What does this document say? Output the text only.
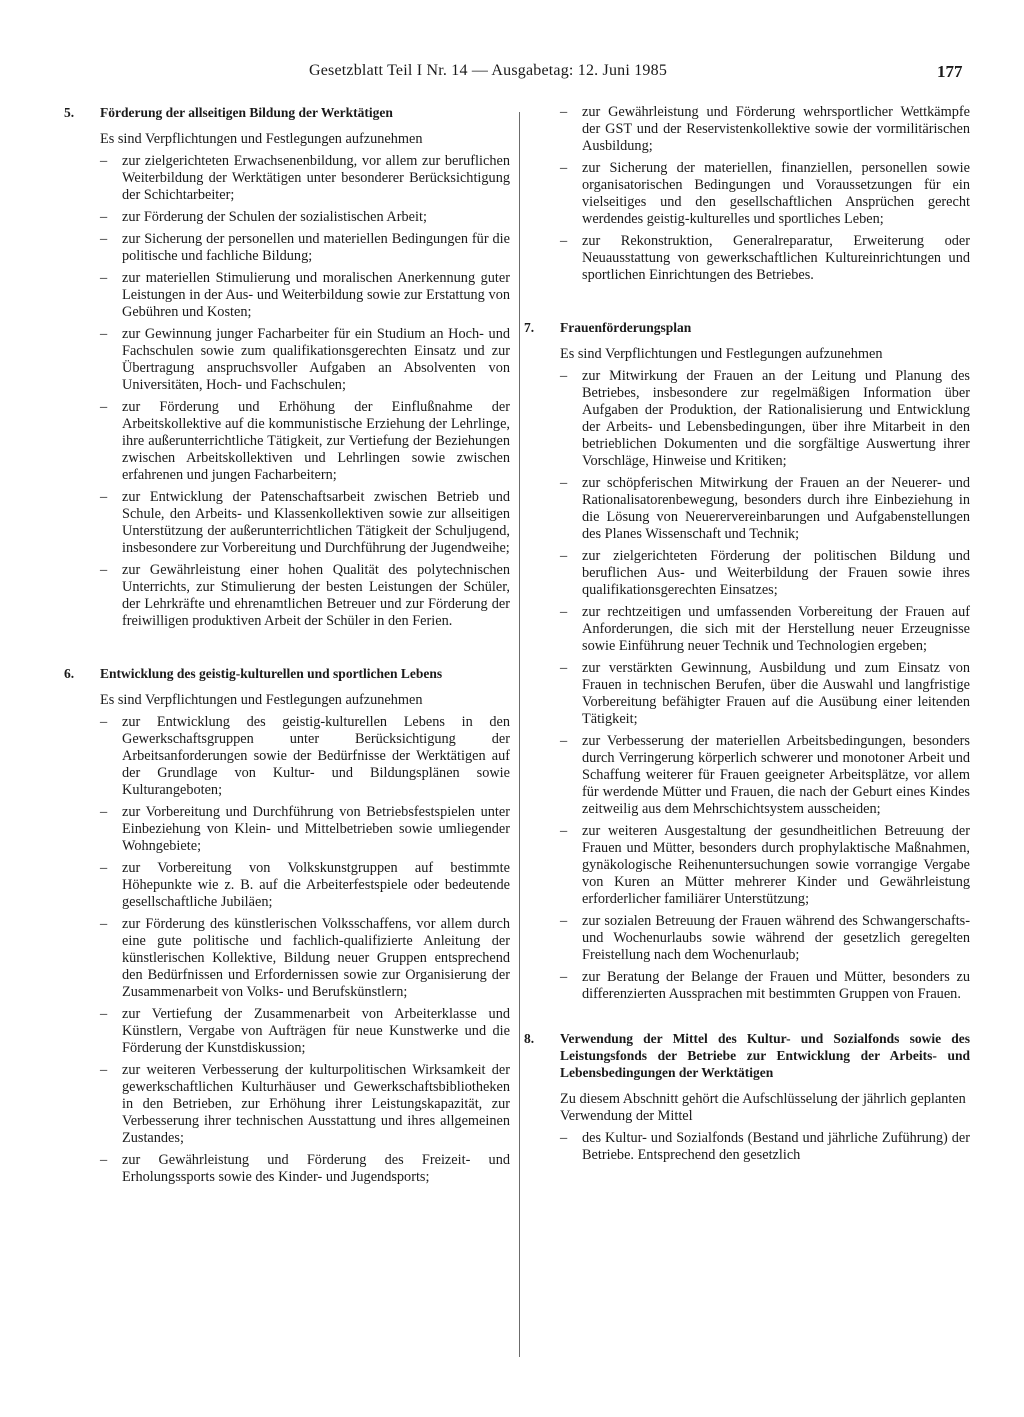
Gesetzblatt Teil I Nr. 14 — Ausgabetag: 12. Juni 1985	177
5. Förderung der allseitigen Bildung der Werktätigen

Es sind Verpflichtungen und Festlegungen aufzunehmen

– zur zielgerichteten Erwachsenenbildung, vor allem zur beruflichen Weiterbildung der Werktätigen unter besonderer Berücksichtigung der Schichtarbeiter;
– zur Förderung der Schulen der sozialistischen Arbeit;
– zur Sicherung der personellen und materiellen Bedingungen für die politische und fachliche Bildung;
– zur materiellen Stimulierung und moralischen Anerkennung guter Leistungen in der Aus- und Weiterbildung sowie zur Erstattung von Gebühren und Kosten;
– zur Gewinnung junger Facharbeiter für ein Studium an Hoch- und Fachschulen sowie zum qualifikationsgerechten Einsatz und zur Übertragung anspruchsvoller Aufgaben an Absolventen von Universitäten, Hoch- und Fachschulen;
– zur Förderung und Erhöhung der Einflußnahme der Arbeitskollektive auf die kommunistische Erziehung der Lehrlinge, ihre außerunterrichtliche Tätigkeit, zur Vertiefung der Beziehungen zwischen Arbeitskollektiven und Lehrlingen sowie zwischen erfahrenen und jungen Facharbeitern;
– zur Entwicklung der Patenschaftsarbeit zwischen Betrieb und Schule, den Arbeits- und Klassenkollektiven sowie zur allseitigen Unterstützung der außerunterrichtlichen Tätigkeit der Schuljugend, insbesondere zur Vorbereitung und Durchführung der Jugendweihe;
– zur Gewährleistung einer hohen Qualität des polytechnischen Unterrichts, zur Stimulierung der besten Leistungen der Schüler, der Lehrkräfte und ehrenamtlichen Betreuer und zur Förderung der freiwilligen produktiven Arbeit der Schüler in den Ferien.
6. Entwicklung des geistig-kulturellen und sportlichen Lebens

Es sind Verpflichtungen und Festlegungen aufzunehmen

– zur Entwicklung des geistig-kulturellen Lebens in den Gewerkschaftsgruppen unter Berücksichtigung der Arbeitsanforderungen sowie der Bedürfnisse der Werktätigen auf der Grundlage von Kultur- und Bildungsplänen sowie Kulturangeboten;
– zur Vorbereitung und Durchführung von Betriebsfestspielen unter Einbeziehung von Klein- und Mittelbetrieben sowie umliegender Wohngebiete;
– zur Vorbereitung von Volkskunstgruppen auf bestimmte Höhepunkte wie z. B. auf die Arbeiterfestspiele oder bedeutende gesellschaftliche Jubiläen;
– zur Förderung des künstlerischen Volksschaffens, vor allem durch eine gute politische und fachlich-qualifizierte Anleitung der künstlerischen Kollektive, Bildung neuer Gruppen entsprechend den Bedürfnissen und Erfordernissen sowie zur Organisierung der Zusammenarbeit von Volks- und Berufskünstlern;
– zur Vertiefung der Zusammenarbeit von Arbeiterklasse und Künstlern, Vergabe von Aufträgen für neue Kunstwerke und die Förderung der Kunstdiskussion;
– zur weiteren Verbesserung der kulturpolitischen Wirksamkeit der gewerkschaftlichen Kulturhäuser und Gewerkschaftsbibliotheken in den Betrieben, zur Erhöhung ihrer Leistungskapazität, zur Verbesserung ihrer technischen Ausstattung und ihres allgemeinen Zustandes;
– zur Gewährleistung und Förderung des Freizeit- und Erholungssports sowie des Kinder- und Jugendsports;
– zur Gewährleistung und Förderung wehrsportlicher Wettkämpfe der GST und der Reservistenkollektive sowie der vormilitärischen Ausbildung;
– zur Sicherung der materiellen, finanziellen, personellen sowie organisatorischen Bedingungen und Voraussetzungen für ein vielseitiges und den gesellschaftlichen Ansprüchen gerecht werdendes geistig-kulturelles und sportliches Leben;
– zur Rekonstruktion, Generalreparatur, Erweiterung oder Neuausstattung von gewerkschaftlichen Kultureinrichtungen und sportlichen Einrichtungen des Betriebes.
7. Frauenförderungsplan

Es sind Verpflichtungen und Festlegungen aufzunehmen

– zur Mitwirkung der Frauen an der Leitung und Planung des Betriebes, insbesondere zur regelmäßigen Information über Aufgaben der Produktion, der Rationalisierung und Entwicklung der Arbeits- und Lebensbedingungen, über ihre Mitarbeit in den betrieblichen Dokumenten und die sorgfältige Auswertung ihrer Vorschläge, Hinweise und Kritiken;
– zur schöpferischen Mitwirkung der Frauen an der Neuerer- und Rationalisatorenbewegung, besonders durch ihre Einbeziehung in die Lösung von Neuerervereinbarungen und Aufgabenstellungen des Planes Wissenschaft und Technik;
– zur zielgerichteten Förderung der politischen Bildung und beruflichen Aus- und Weiterbildung der Frauen sowie ihres qualifikationsgerechten Einsatzes;
– zur rechtzeitigen und umfassenden Vorbereitung der Frauen auf Anforderungen, die sich mit der Herstellung neuer Erzeugnisse sowie Einführung neuer Technik und Technologien ergeben;
– zur verstärkten Gewinnung, Ausbildung und zum Einsatz von Frauen in technischen Berufen, über die Auswahl und langfristige Vorbereitung befähigter Frauen auf die Ausübung einer leitenden Tätigkeit;
– zur Verbesserung der materiellen Arbeitsbedingungen, besonders durch Verringerung körperlich schwerer und monotoner Arbeit und Schaffung weiterer für Frauen geeigneter Arbeitsplätze, vor allem für werdende Mütter und Frauen, die nach der Geburt eines Kindes zeitweilig aus dem Mehrschichtsystem ausscheiden;
– zur weiteren Ausgestaltung der gesundheitlichen Betreuung der Frauen und Mütter, besonders durch prophylaktische Maßnahmen, gynäkologische Reihenuntersuchungen sowie vorrangige Vergabe von Kuren an Mütter mehrerer Kinder und Gewährleistung erforderlicher familiärer Unterstützung;
– zur sozialen Betreuung der Frauen während des Schwangerschafts- und Wochenurlaubs sowie während der gesetzlich geregelten Freistellung nach dem Wochenurlaub;
– zur Beratung der Belange der Frauen und Mütter, besonders zu differenzierten Aussprachen mit bestimmten Gruppen von Frauen.
8. Verwendung der Mittel des Kultur- und Sozialfonds sowie des Leistungsfonds der Betriebe zur Entwicklung der Arbeits- und Lebensbedingungen der Werktätigen

Zu diesem Abschnitt gehört die Aufschlüsselung der jährlich geplanten Verwendung der Mittel

– des Kultur- und Sozialfonds (Bestand und jährliche Zuführung) der Betriebe. Entsprechend den gesetzlich
